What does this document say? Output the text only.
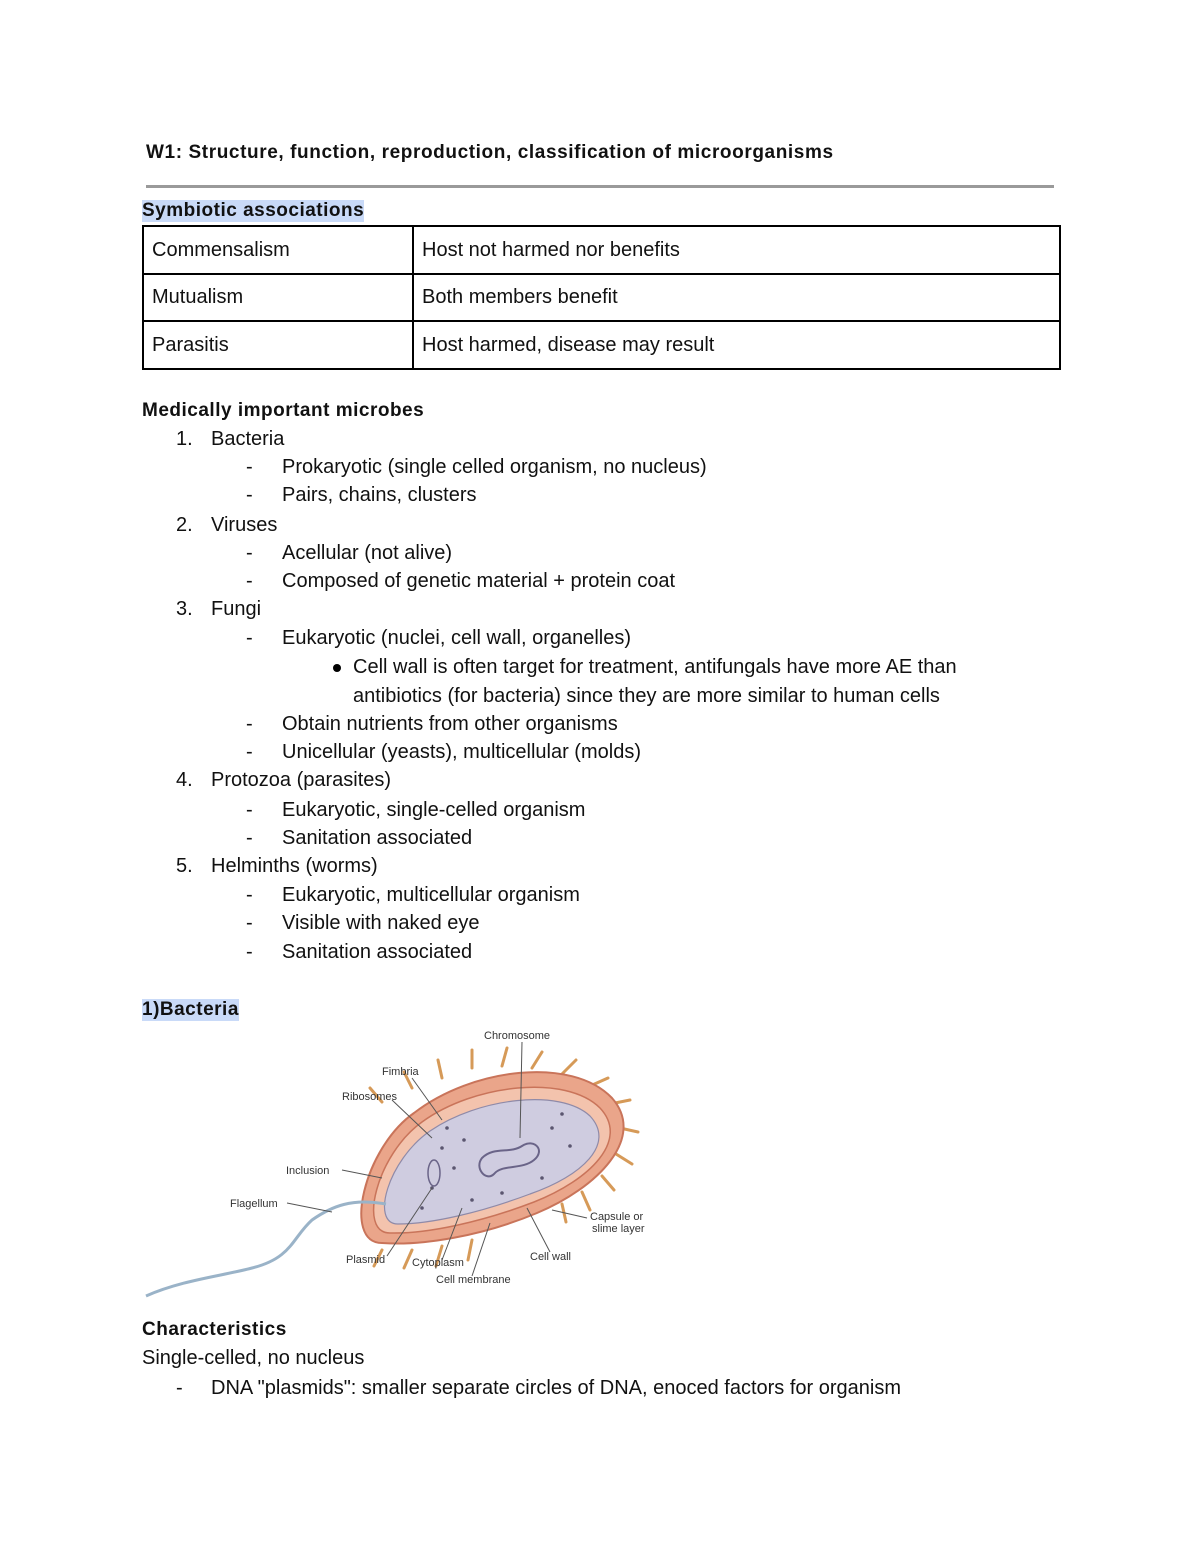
W1: Structure, function, reproduction, classification of microorganisms
Symbiotic associations
Commensalism	Host not harmed nor benefits
Mutualism	Both members benefit
Parasitis	Host harmed, disease may result
Medically important microbes
1. Bacteria
- Prokaryotic (single celled organism, no nucleus)
- Pairs, chains, clusters
2. Viruses
- Acellular (not alive)
- Composed of genetic material + protein coat
3. Fungi
- Eukaryotic (nuclei, cell wall, organelles)
Cell wall is often target for treatment, antifungals have more AE than
antibiotics (for bacteria) since they are more similar to human cells
- Obtain nutrients from other organisms
- Unicellular (yeasts), multicellular (molds)
4. Protozoa (parasites)
- Eukaryotic, single-celled organism
- Sanitation associated
5. Helminths (worms)
- Eukaryotic, multicellular organism
- Visible with naked eye
- Sanitation associated
1)Bacteria
Chromosome
Fimbria
Ribosomes
Inclusion
Flagellum
Plasmid Cytoplasm
Cell membrane
Cell wall
Capsule or
slime layer
Characteristics
Single-celled, no nucleus
- DNA "plasmids": smaller separate circles of DNA, enoced factors for organism
